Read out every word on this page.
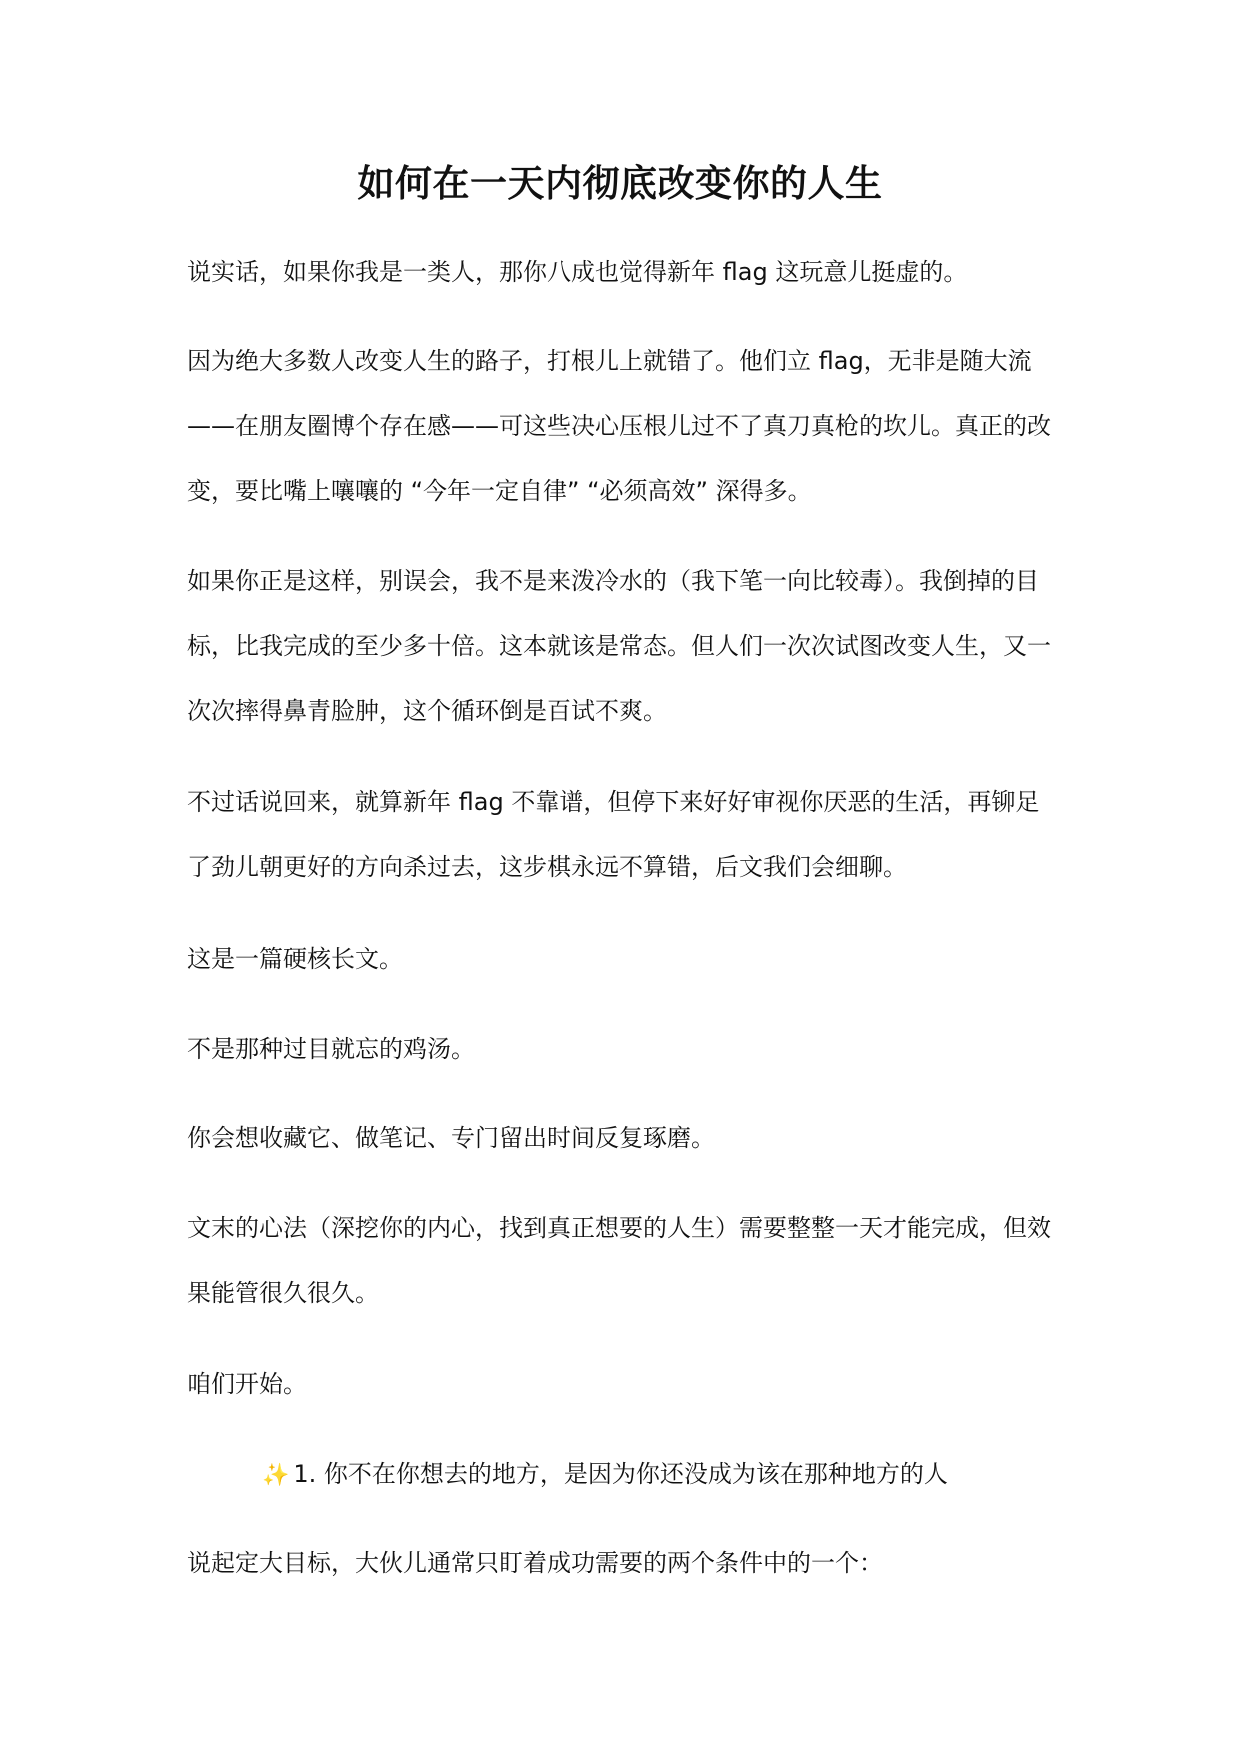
如何在一天内彻底改变你的人生

说实话，如果你我是一类人，那你八成也觉得新年 flag 这玩意儿挺虚的。

因为绝大多数人改变人生的路子，打根儿上就错了。他们立 flag，无非是随大流——在朋友圈博个存在感——可这些决心压根儿过不了真刀真枪的坎儿。真正的改变，要比嘴上嚷嚷的 “今年一定自律” “必须高效” 深得多。

如果你正是这样，别误会，我不是来泼冷水的（我下笔一向比较毒）。我倒掉的目标，比我完成的至少多十倍。这本就该是常态。但人们一次次试图改变人生，又一次次摔得鼻青脸肿，这个循环倒是百试不爽。

不过话说回来，就算新年 flag 不靠谱，但停下来好好审视你厌恶的生活，再铆足了劲儿朝更好的方向杀过去，这步棋永远不算错，后文我们会细聊。

这是一篇硬核长文。

不是那种过目就忘的鸡汤。

你会想收藏它、做笔记、专门留出时间反复琢磨。

文末的心法（深挖你的内心，找到真正想要的人生）需要整整一天才能完成，但效果能管很久很久。

咱们开始。

✨ 1. 你不在你想去的地方，是因为你还没成为该在那种地方的人

说起定大目标，大伙儿通常只盯着成功需要的两个条件中的一个：
